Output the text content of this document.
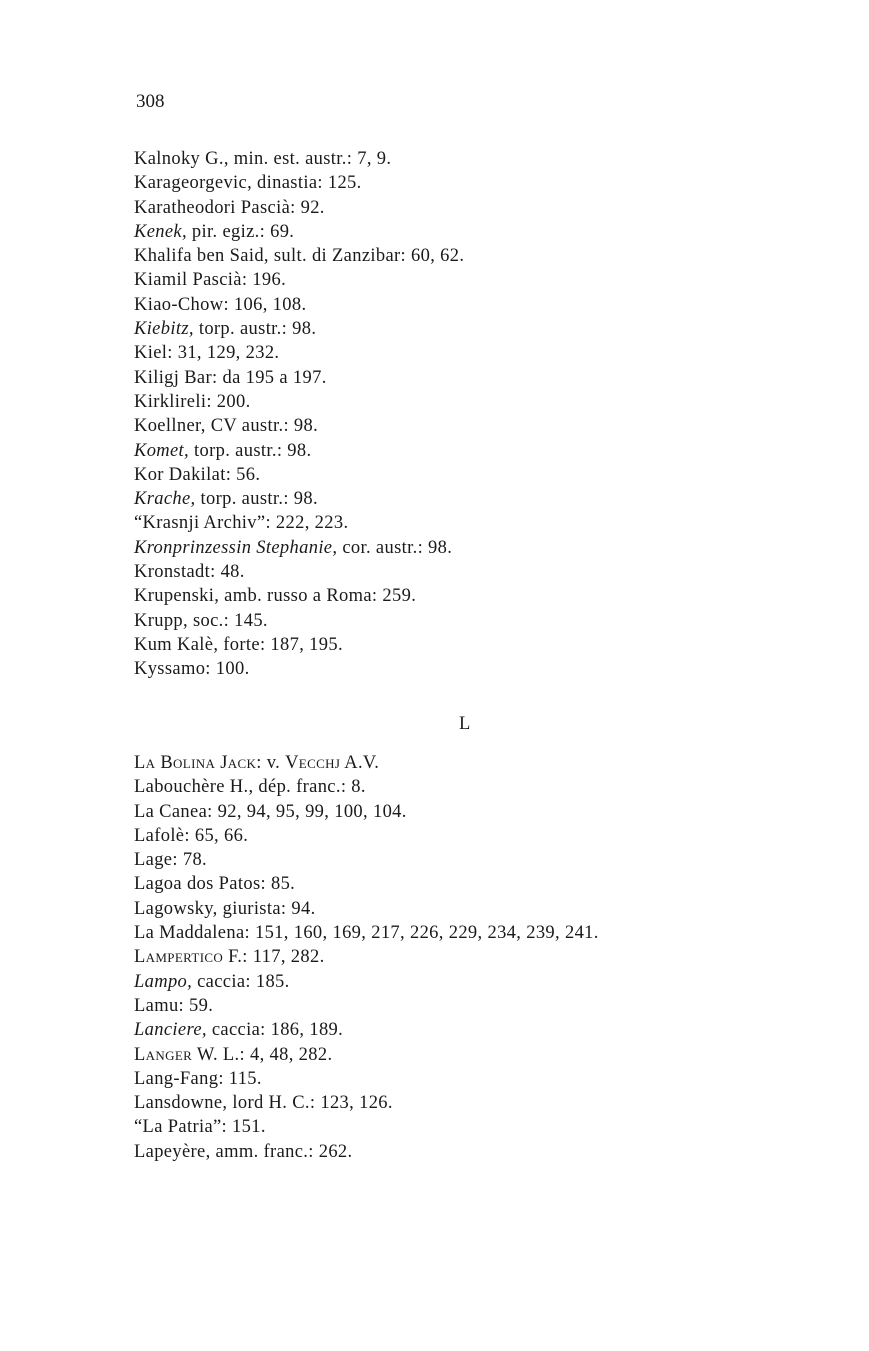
308
Kalnoky G., min. est. austr.: 7, 9.
Karageorgevic, dinastia: 125.
Karatheodori Pascià: 92.
Kenek, pir. egiz.: 69.
Khalifa ben Said, sult. di Zanzibar: 60, 62.
Kiamil Pascià: 196.
Kiao-Chow: 106, 108.
Kiebitz, torp. austr.: 98.
Kiel: 31, 129, 232.
Kiligj Bar: da 195 a 197.
Kirklireli: 200.
Koellner, CV austr.: 98.
Komet, torp. austr.: 98.
Kor Dakilat: 56.
Krache, torp. austr.: 98.
“Krasnji Archiv”: 222, 223.
Kronprinzessin Stephanie, cor. austr.: 98.
Kronstadt: 48.
Krupenski, amb. russo a Roma: 259.
Krupp, soc.: 145.
Kum Kalè, forte: 187, 195.
Kyssamo: 100.
L
La Bolina Jack: v. Vecchj A.V.
Labouchère H., dép. franc.: 8.
La Canea: 92, 94, 95, 99, 100, 104.
Lafolè: 65, 66.
Lage: 78.
Lagoa dos Patos: 85.
Lagowsky, giurista: 94.
La Maddalena: 151, 160, 169, 217, 226, 229, 234, 239, 241.
Lampertico F.: 117, 282.
Lampo, caccia: 185.
Lamu: 59.
Lanciere, caccia: 186, 189.
Langer W. L.: 4, 48, 282.
Lang-Fang: 115.
Lansdowne, lord H. C.: 123, 126.
“La Patria”: 151.
Lapeyère, amm. franc.: 262.
